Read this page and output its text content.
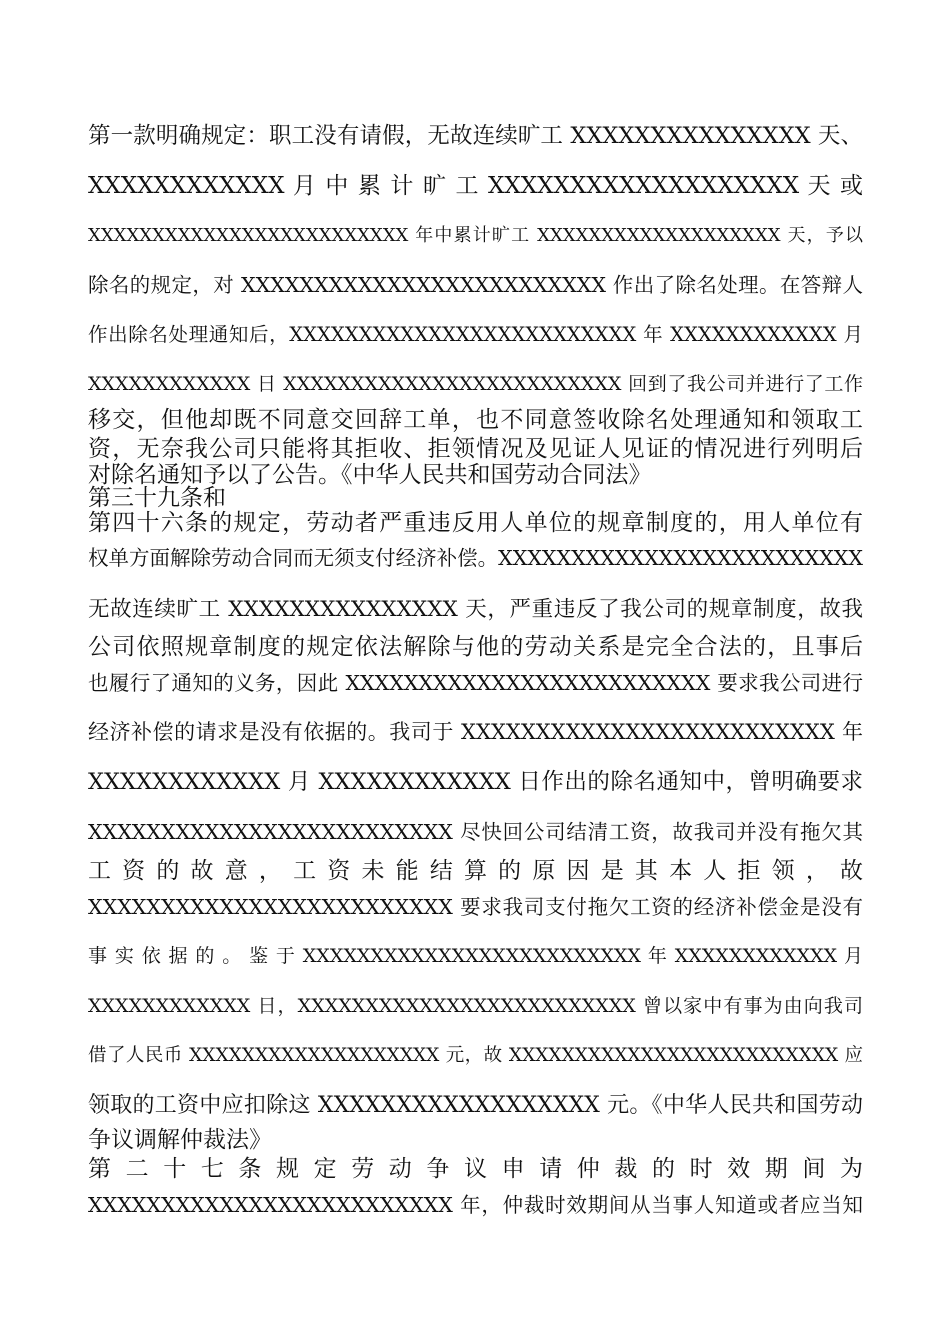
第一款明确规定：职工没有请假，无故连续旷工 XXXXXXXXXXXXXXX 天、
XXXXXXXXXXXX 月 中 累 计 旷 工 XXXXXXXXXXXXXXXXXXX 天 或
XXXXXXXXXXXXXXXXXXXXXXXXX 年中累计旷工 XXXXXXXXXXXXXXXXXXX 天，予以
除名的规定，对 XXXXXXXXXXXXXXXXXXXXXXXXX 作出了除名处理。在答辩人
作出除名处理通知后，XXXXXXXXXXXXXXXXXXXXXXXXX 年 XXXXXXXXXXXX 月
XXXXXXXXXXXX 日 XXXXXXXXXXXXXXXXXXXXXXXXX 回到了我公司并进行了工作
移交，但他却既不同意交回辞工单，也不同意签收除名处理通知和领取工
资，无奈我公司只能将其拒收、拒领情况及见证人见证的情况进行列明后
对除名通知予以了公告。《中华人民共和国劳动合同法》
第三十九条和
第四十六条的规定，劳动者严重违反用人单位的规章制度的，用人单位有
权单方面解除劳动合同而无须支付经济补偿。XXXXXXXXXXXXXXXXXXXXXXXXX
无故连续旷工 XXXXXXXXXXXXXXX 天，严重违反了我公司的规章制度，故我
公司依照规章制度的规定依法解除与他的劳动关系是完全合法的，且事后
也履行了通知的义务，因此 XXXXXXXXXXXXXXXXXXXXXXXXX 要求我公司进行
经济补偿的请求是没有依据的。我司于 XXXXXXXXXXXXXXXXXXXXXXXXX 年
XXXXXXXXXXXX 月 XXXXXXXXXXXX 日作出的除名通知中，曾明确要求
XXXXXXXXXXXXXXXXXXXXXXXXX 尽快回公司结清工资，故我司并没有拖欠其
工 资 的 故 意 ， 工 资 未 能 结 算 的 原 因 是 其 本 人 拒 领 ， 故
XXXXXXXXXXXXXXXXXXXXXXXXX 要求我司支付拖欠工资的经济补偿金是没有
事 实 依 据 的 。 鉴 于 XXXXXXXXXXXXXXXXXXXXXXXXX 年 XXXXXXXXXXXX 月
XXXXXXXXXXXX 日，XXXXXXXXXXXXXXXXXXXXXXXXX 曾以家中有事为由向我司
借了人民币 XXXXXXXXXXXXXXXXXXX 元，故 XXXXXXXXXXXXXXXXXXXXXXXXX 应
领取的工资中应扣除这 XXXXXXXXXXXXXXXXXX 元。《中华人民共和国劳动
争议调解仲裁法》
第 二 十 七 条 规 定 劳 动 争 议 申 请 仲 裁 的 时 效 期 间 为
XXXXXXXXXXXXXXXXXXXXXXXXX 年，仲裁时效期间从当事人知道或者应当知
